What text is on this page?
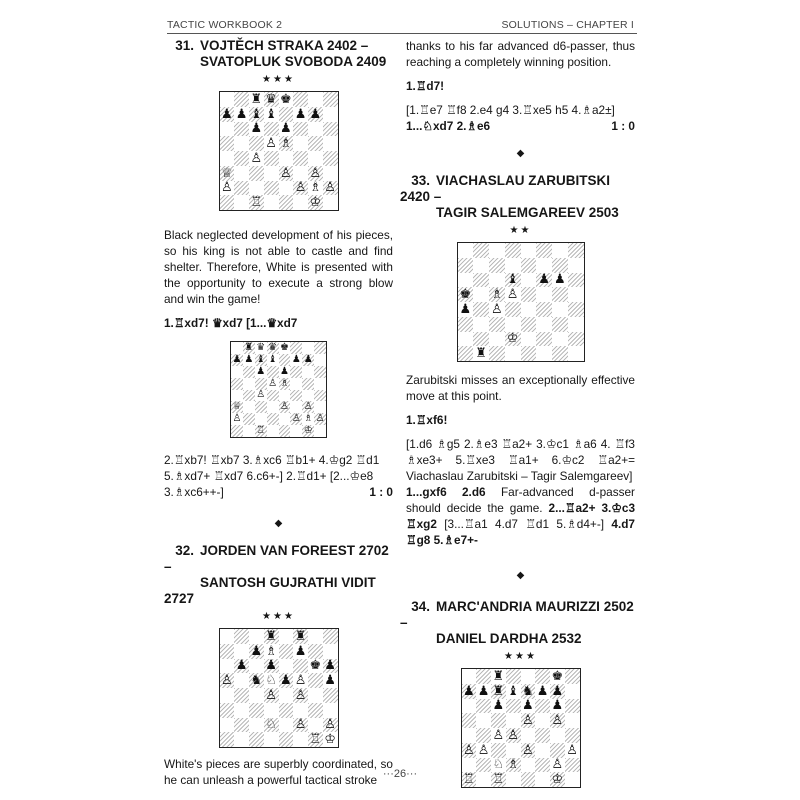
TACTIC WORKBOOK 2	SOLUTIONS – CHAPTER I

31. VOJTĚCH STRAKA 2402 –
SVATOPLUK SVOBODA 2409

★★★
♜ ♛ ♚
♟ ♟ ♝ ♝ ♟ ♟
♟ ♟
♙ ♗
♙
♕	♙ ♙
♙	♙ ♗ ♙
♖	♔

Black neglected development of his pieces, so his king is not able to castle and find shelter. Therefore, White is presented with the opportunity to execute a strong blow and win the game!

1.♖xd7! ♛xd7 [1...♛xd7

♜ ♛ ♛ ♚
♟ ♟ ♝ ♝ ♟ ♟
♟ ♟
♙ ♗
♙
♕	♙ ♙
♙	♙ ♗ ♙
♖	♔

2.♖xb7! ♖xb7 3.♗xc6 ♖b1+ 4.♔g2 ♖d1
5.♗xd7+ ♖xd7 6.c6+-] 2.♖d1+ [2...♔e8

3.♗xc6++-]	1 : 0

◆

32. JORDEN VAN FOREEST 2702 –
SANTOSH GUJRATHI VIDIT 2727

★★★
♜ ♜
♟ ♗ ♟
♟ ♟	♚ ♟
♙ ♞ ♘ ♟ ♙ ♟
♙ ♙
♘ ♙ ♙
♖ ♔

White's pieces are superbly coordinated, so he can unleash a powerful tactical stroke

thanks to his far advanced d6-passer, thus reaching a completely winning position.

1.♖d7!

[1.♖e7 ♖f8 2.e4 g4 3.♖xe5 h5 4.♗a2±]

1...♘xd7 2.♗e6	1 : 0

◆

33. VIACHASLAU ZARUBITSKI 2420 –
TAGIR SALEMGAREEV 2503

★★
♝ ♟ ♟
♚ ♗ ♙
♟ ♙
♔
♜

Zarubitski misses an exceptionally effective move at this point.

1.♖xf6!

[1.d6 ♗g5 2.♗e3 ♖a2+ 3.♔c1 ♗a6 4. ♖f3 ♗xe3+ 5.♖xe3 ♖a1+ 6.♔c2 ♖a2+= Viachaslau Zarubitski – Tagir Salemgareev]

1...gxf6 2.d6 Far-advanced d-passer should decide the game. 2...♖a2+ 3.♔c3 ♖xg2 [3...♖a1 4.d7 ♖d1 5.♗d4+-] 4.d7 ♖g8 5.♗e7+-

◆

34. MARC'ANDRIA MAURIZZI 2502 –
DANIEL DARDHA 2532

★★★
♜	♚
♟ ♟ ♜ ♝ ♞ ♟ ♟
♟ ♟ ♟
♙ ♙
♙ ♙
♙ ♙	♙	♙
♘ ♗	♙
♖ ♖	♔
···26···
